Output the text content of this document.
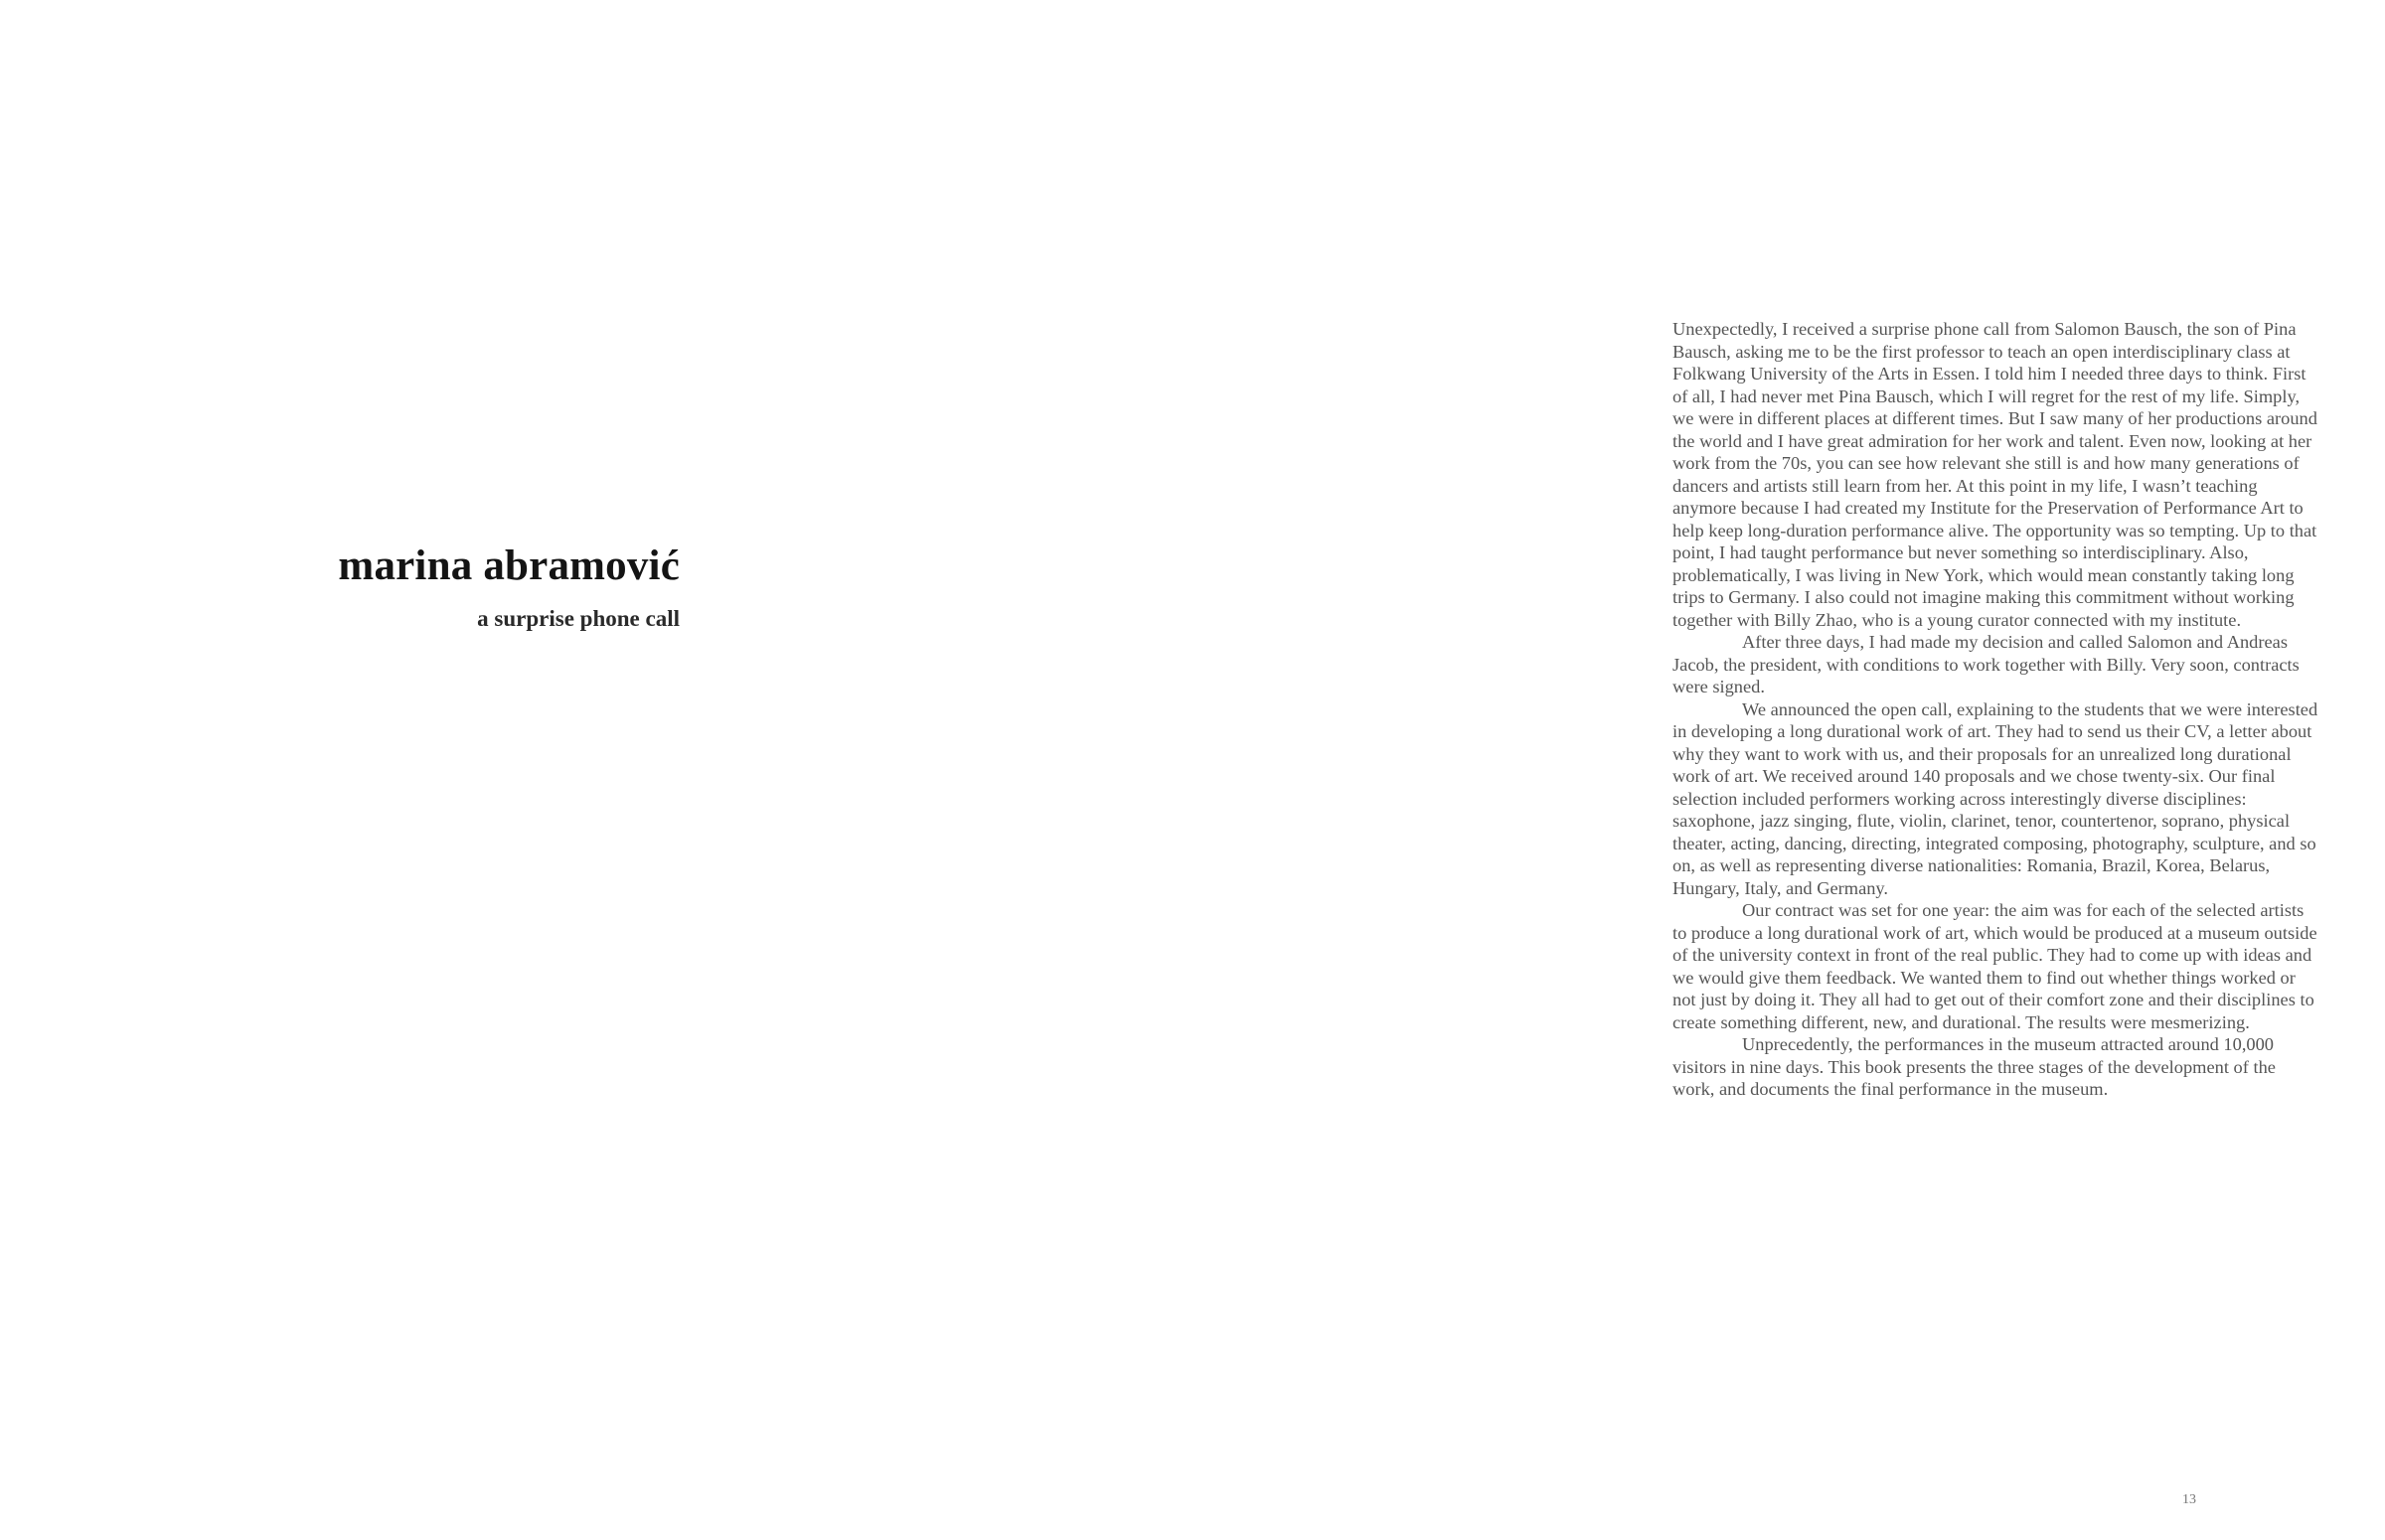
marina abramović
a surprise phone call

Unexpectedly, I received a surprise phone call from Salomon Bausch, the son of Pina Bausch, asking me to be the first professor to teach an open interdisciplinary class at Folkwang University of the Arts in Essen. I told him I needed three days to think. First of all, I had never met Pina Bausch, which I will regret for the rest of my life. Simply, we were in different places at different times. But I saw many of her productions around the world and I have great admiration for her work and talent. Even now, looking at her work from the 70s, you can see how relevant she still is and how many generations of dancers and artists still learn from her. At this point in my life, I wasn’t teaching anymore because I had created my Institute for the Preservation of Performance Art to help keep long-duration performance alive. The opportunity was so tempting. Up to that point, I had taught performance but never something so interdisciplinary. Also, problematically, I was living in New York, which would mean constantly taking long trips to Germany. I also could not imagine making this commitment without working together with Billy Zhao, who is a young curator connected with my institute.

After three days, I had made my decision and called Salomon and Andreas Jacob, the president, with conditions to work together with Billy. Very soon, contracts were signed.

We announced the open call, explaining to the students that we were interested in developing a long durational work of art. They had to send us their CV, a letter about why they want to work with us, and their proposals for an unrealized long durational work of art. We received around 140 proposals and we chose twenty-six. Our final selection included performers working across interestingly diverse disciplines: saxophone, jazz singing, flute, violin, clarinet, tenor, countertenor, soprano, physical theater, acting, dancing, directing, integrated composing, photography, sculpture, and so on, as well as representing diverse nationalities: Romania, Brazil, Korea, Belarus, Hungary, Italy, and Germany.

Our contract was set for one year: the aim was for each of the selected artists to produce a long durational work of art, which would be produced at a museum outside of the university context in front of the real public. They had to come up with ideas and we would give them feedback. We wanted them to find out whether things worked or not just by doing it. They all had to get out of their comfort zone and their disciplines to create something different, new, and durational. The results were mesmerizing.

Unprecedently, the performances in the museum attracted around 10,000 visitors in nine days. This book presents the three stages of the development of the work, and documents the final performance in the museum.

13
